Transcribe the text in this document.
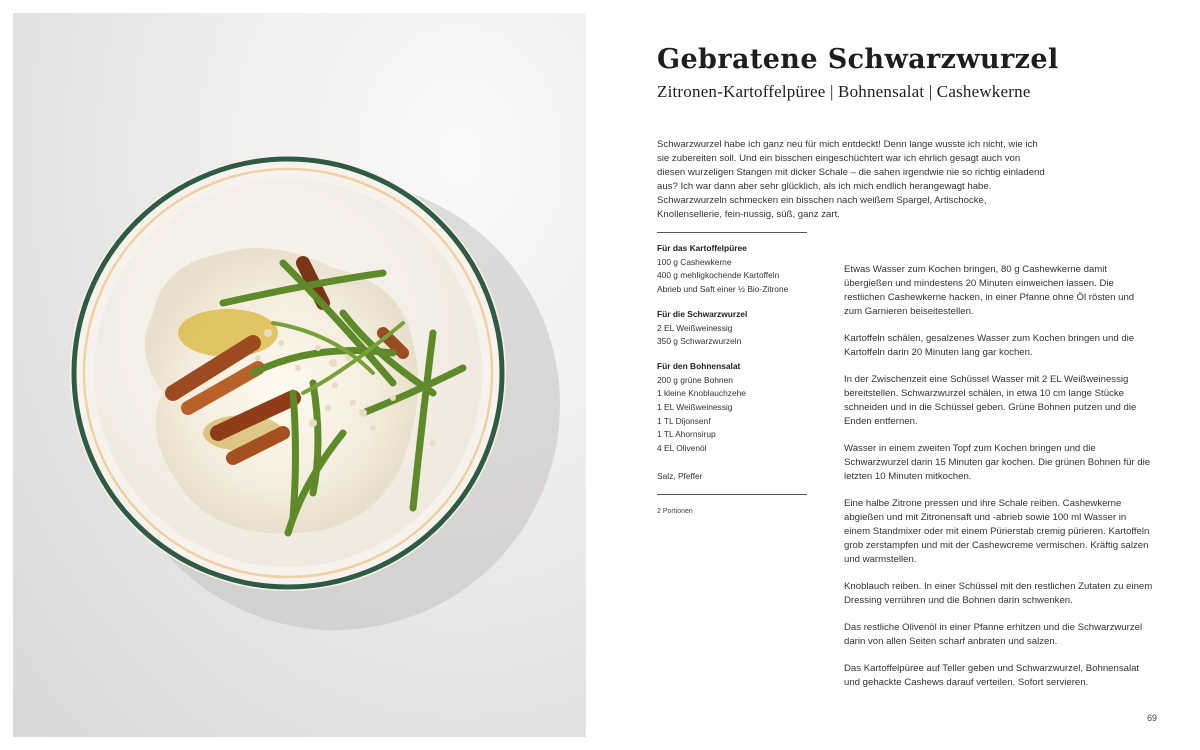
Gebratene Schwarzwurzel
Zitronen-Kartoffelpüree | Bohnensalat | Cashewkerne

Schwarzwurzel habe ich ganz neu für mich entdeckt! Denn lange wusste ich nicht, wie ich sie zubereiten soll. Und ein bisschen eingeschüchtert war ich ehrlich gesagt auch von diesen wurzeligen Stangen mit dicker Schale – die sahen irgendwie nie so richtig einladend aus? Ich war dann aber sehr glücklich, als ich mich endlich herangewagt habe. Schwarzwurzeln schmecken ein bisschen nach weißem Spargel, Artischocke, Knollensellerie, fein-nussig, süß, ganz zart.

Für das Kartoffelpüree
100 g Cashewkerne
400 g mehligkochende Kartoffeln
Abrieb und Saft einer ½ Bio-Zitrone
Für die Schwarzwurzel
2 EL Weißweinessig
350 g Schwarzwurzeln
Für den Bohnensalat
200 g grüne Bohnen
1 kleine Knoblauchzehe
1 EL Weißweinessig
1 TL Dijonsenf
1 TL Ahornsirup
4 EL Olivenöl
Salz, Pfeffer
2 Portionen

Etwas Wasser zum Kochen bringen, 80 g Cashewkerne damit übergießen und mindestens 20 Minuten einweichen lassen. Die restlichen Cashewkerne hacken, in einer Pfanne ohne Öl rösten und zum Garnieren beiseitestellen.

Kartoffeln schälen, gesalzenes Wasser zum Kochen bringen und die Kartoffeln darin 20 Minuten lang gar kochen.

In der Zwischenzeit eine Schüssel Wasser mit 2 EL Weißweinessig bereitstellen. Schwarzwurzel schälen, in etwa 10 cm lange Stücke schneiden und in die Schüssel geben. Grüne Bohnen putzen und die Enden entfernen.

Wasser in einem zweiten Topf zum Kochen bringen und die Schwarzwurzel darin 15 Minuten gar kochen. Die grünen Bohnen für die letzten 10 Minuten mitkochen.

Eine halbe Zitrone pressen und ihre Schale reiben. Cashewkerne abgießen und mit Zitronensaft und -abrieb sowie 100 ml Wasser in einem Standmixer oder mit einem Pürierstab cremig pürieren. Kartoffeln grob zerstampfen und mit der Cashewcreme vermischen. Kräftig salzen und warmstellen.

Knoblauch reiben. In einer Schüssel mit den restlichen Zutaten zu einem Dressing verrühren und die Bohnen darin schwenken.

Das restliche Olivenöl in einer Pfanne erhitzen und die Schwarzwurzel darin von allen Seiten scharf anbraten und salzen.

Das Kartoffelpüree auf Teller geben und Schwarzwurzel, Bohnensalat und gehackte Cashews darauf verteilen. Sofort servieren.

69
